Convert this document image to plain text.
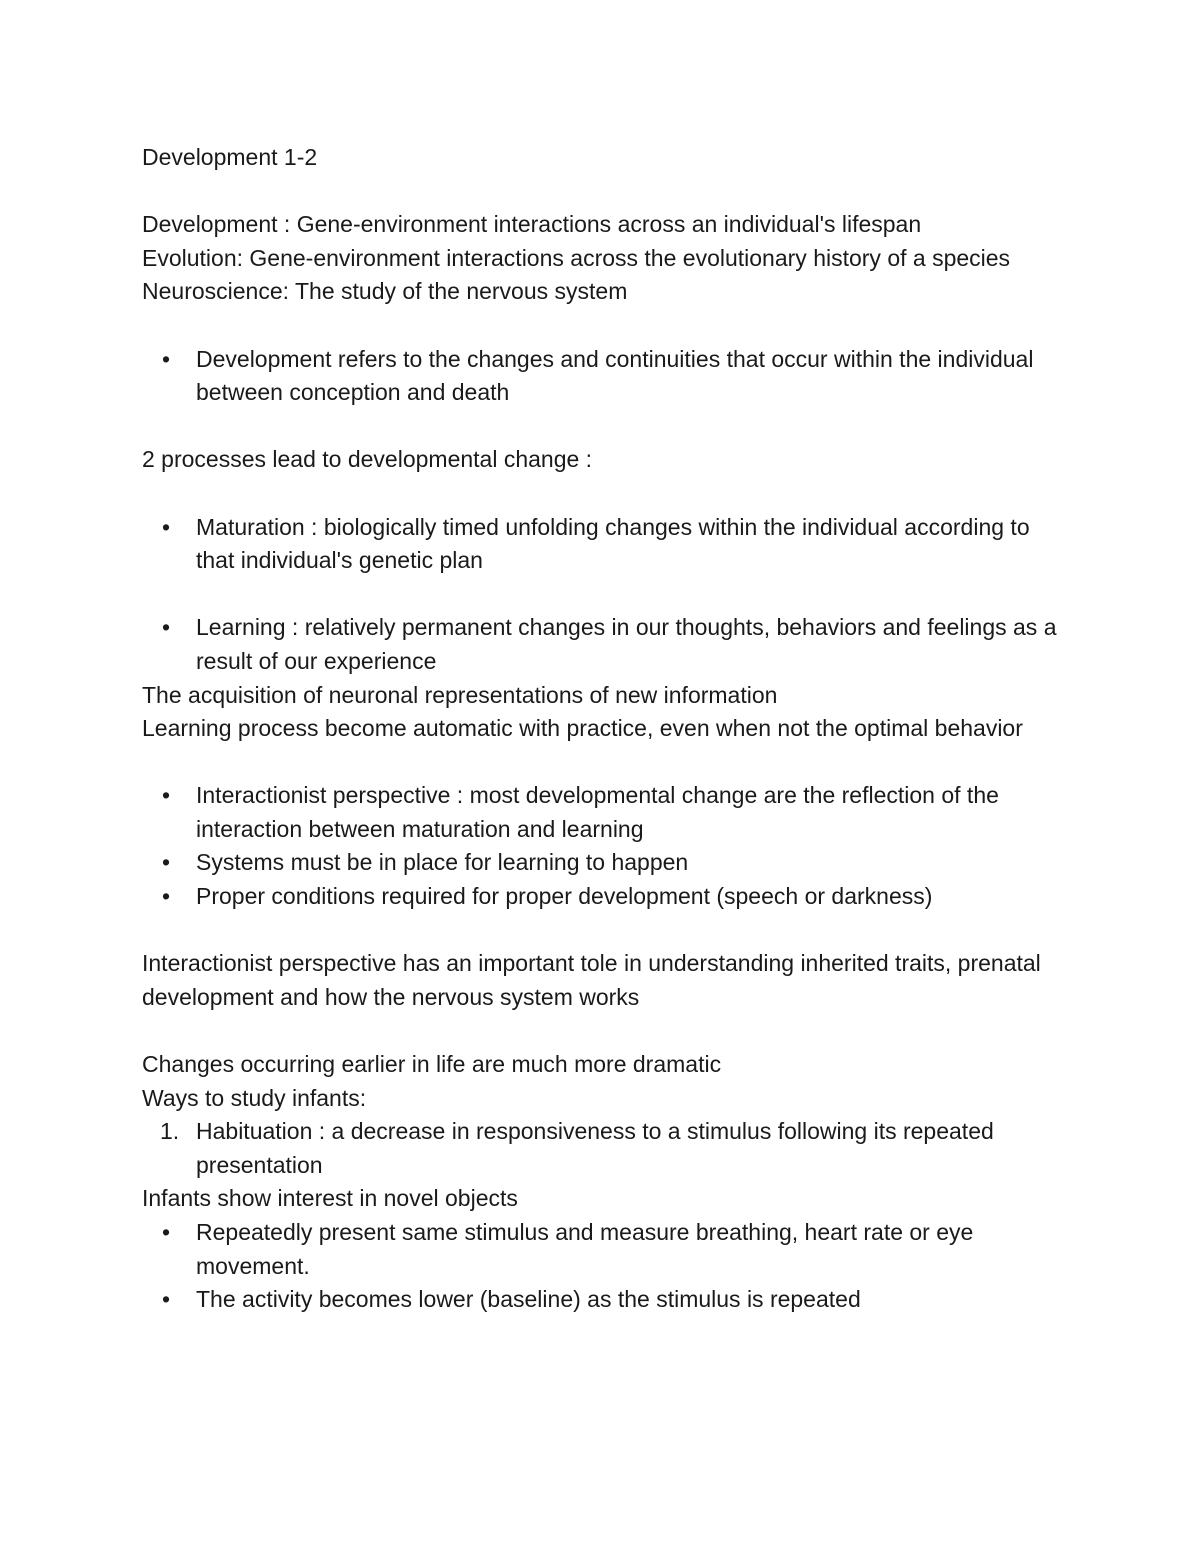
Development 1-2

Development : Gene-environment interactions across an individual's lifespan

Evolution: Gene-environment interactions across the evolutionary history of a species

Neuroscience: The study of the nervous system

• Development refers to the changes and continuities that occur within the individual between conception and death

2 processes lead to developmental change :

• Maturation : biologically timed unfolding changes within the individual according to that individual's genetic plan
• Learning : relatively permanent changes in our thoughts, behaviors and feelings as a result of our experience

The acquisition of neuronal representations of new information

Learning process become automatic with practice, even when not the optimal behavior

• Interactionist perspective : most developmental change are the reflection of the interaction between maturation and learning
• Systems must be in place for learning to happen
• Proper conditions required for proper development (speech or darkness)

Interactionist perspective has an important tole in understanding inherited traits, prenatal development and how the nervous system works

Changes occurring earlier in life are much more dramatic

Ways to study infants:

1. Habituation : a decrease in responsiveness to a stimulus following its repeated presentation

Infants show interest in novel objects

• Repeatedly present same stimulus and measure breathing, heart rate or eye movement.
• The activity becomes lower (baseline) as the stimulus is repeated
